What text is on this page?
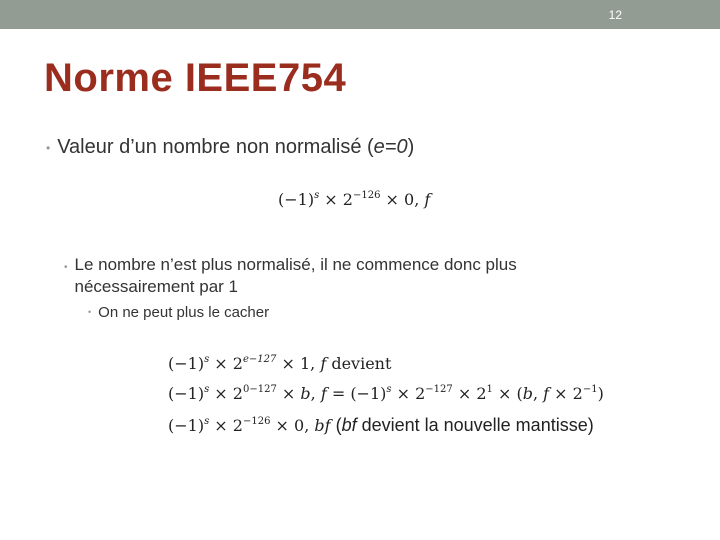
12
Norme IEEE754
• Valeur d’un nombre non normalisé (e=0)
$(-1)^s \times 2^{-126} \times 0$, f
• Le nombre n’est plus normalisé, il ne commence donc plus nécessairement par 1
• On ne peut plus le cacher
$(-1)^s \times 2^{e-127} \times 1$, f devient
$(-1)^s \times 2^{0-127} \times b$, $f = (-1)^s \times 2^{-127} \times 2^1 \times (b$, $f \times 2^{-1}$)
$(-1)^s \times 2^{-126} \times 0$, bf (bf devient la nouvelle mantisse)
